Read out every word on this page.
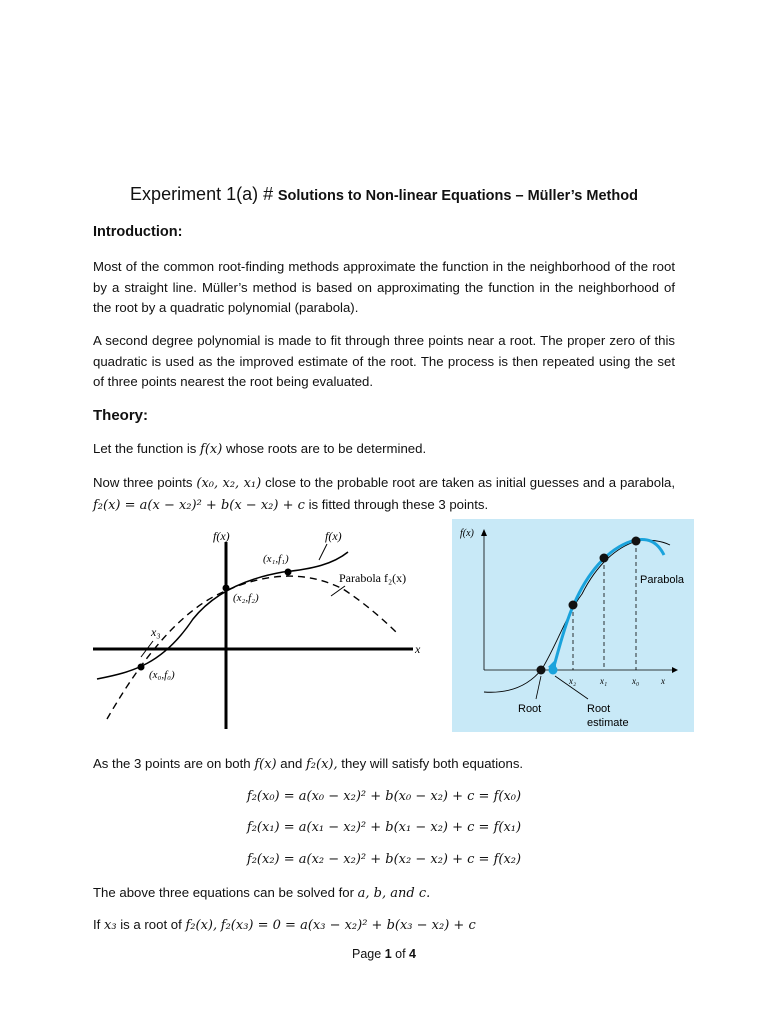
Experiment 1(a) # Solutions to Non-linear Equations – Müller’s Method
Introduction:
Most of the common root-finding methods approximate the function in the neighborhood of the root by a straight line. Müller’s method is based on approximating the function in the neighborhood of the root by a quadratic polynomial (parabola).
A second degree polynomial is made to fit through three points near a root. The proper zero of this quadratic is used as the improved estimate of the root. The process is then repeated using the set of three points nearest the root being evaluated.
Theory:
Let the function is f(x) whose roots are to be determined.
Now three points (x₀, x₂, x₁) close to the probable root are taken as initial guesses and a parabola, f₂(x) = a(x − x₂)² + b(x − x₂) + c is fitted through these 3 points.
f(x)	f(x)
(x₁,f₁)
(x₂,f₂)
(x₀,f₀)
x₃
Parabola f₂(x)
x
f(x)
Parabola
x₂	x₁	x₀ x
Root	Root
estimate
As the 3 points are on both f(x) and f₂(x), they will satisfy both equations.
f₂(x₀) = a(x₀ − x₂)² + b(x₀ − x₂) + c = f(x₀)
f₂(x₁) = a(x₁ − x₂)² + b(x₁ − x₂) + c = f(x₁)
f₂(x₂) = a(x₂ − x₂)² + b(x₂ − x₂) + c = f(x₂)
The above three equations can be solved for a, b, and c.
If x₃ is a root of f₂(x), f₂(x₃) = 0 = a(x₃ − x₂)² + b(x₃ − x₂) + c
Page 1 of 4
